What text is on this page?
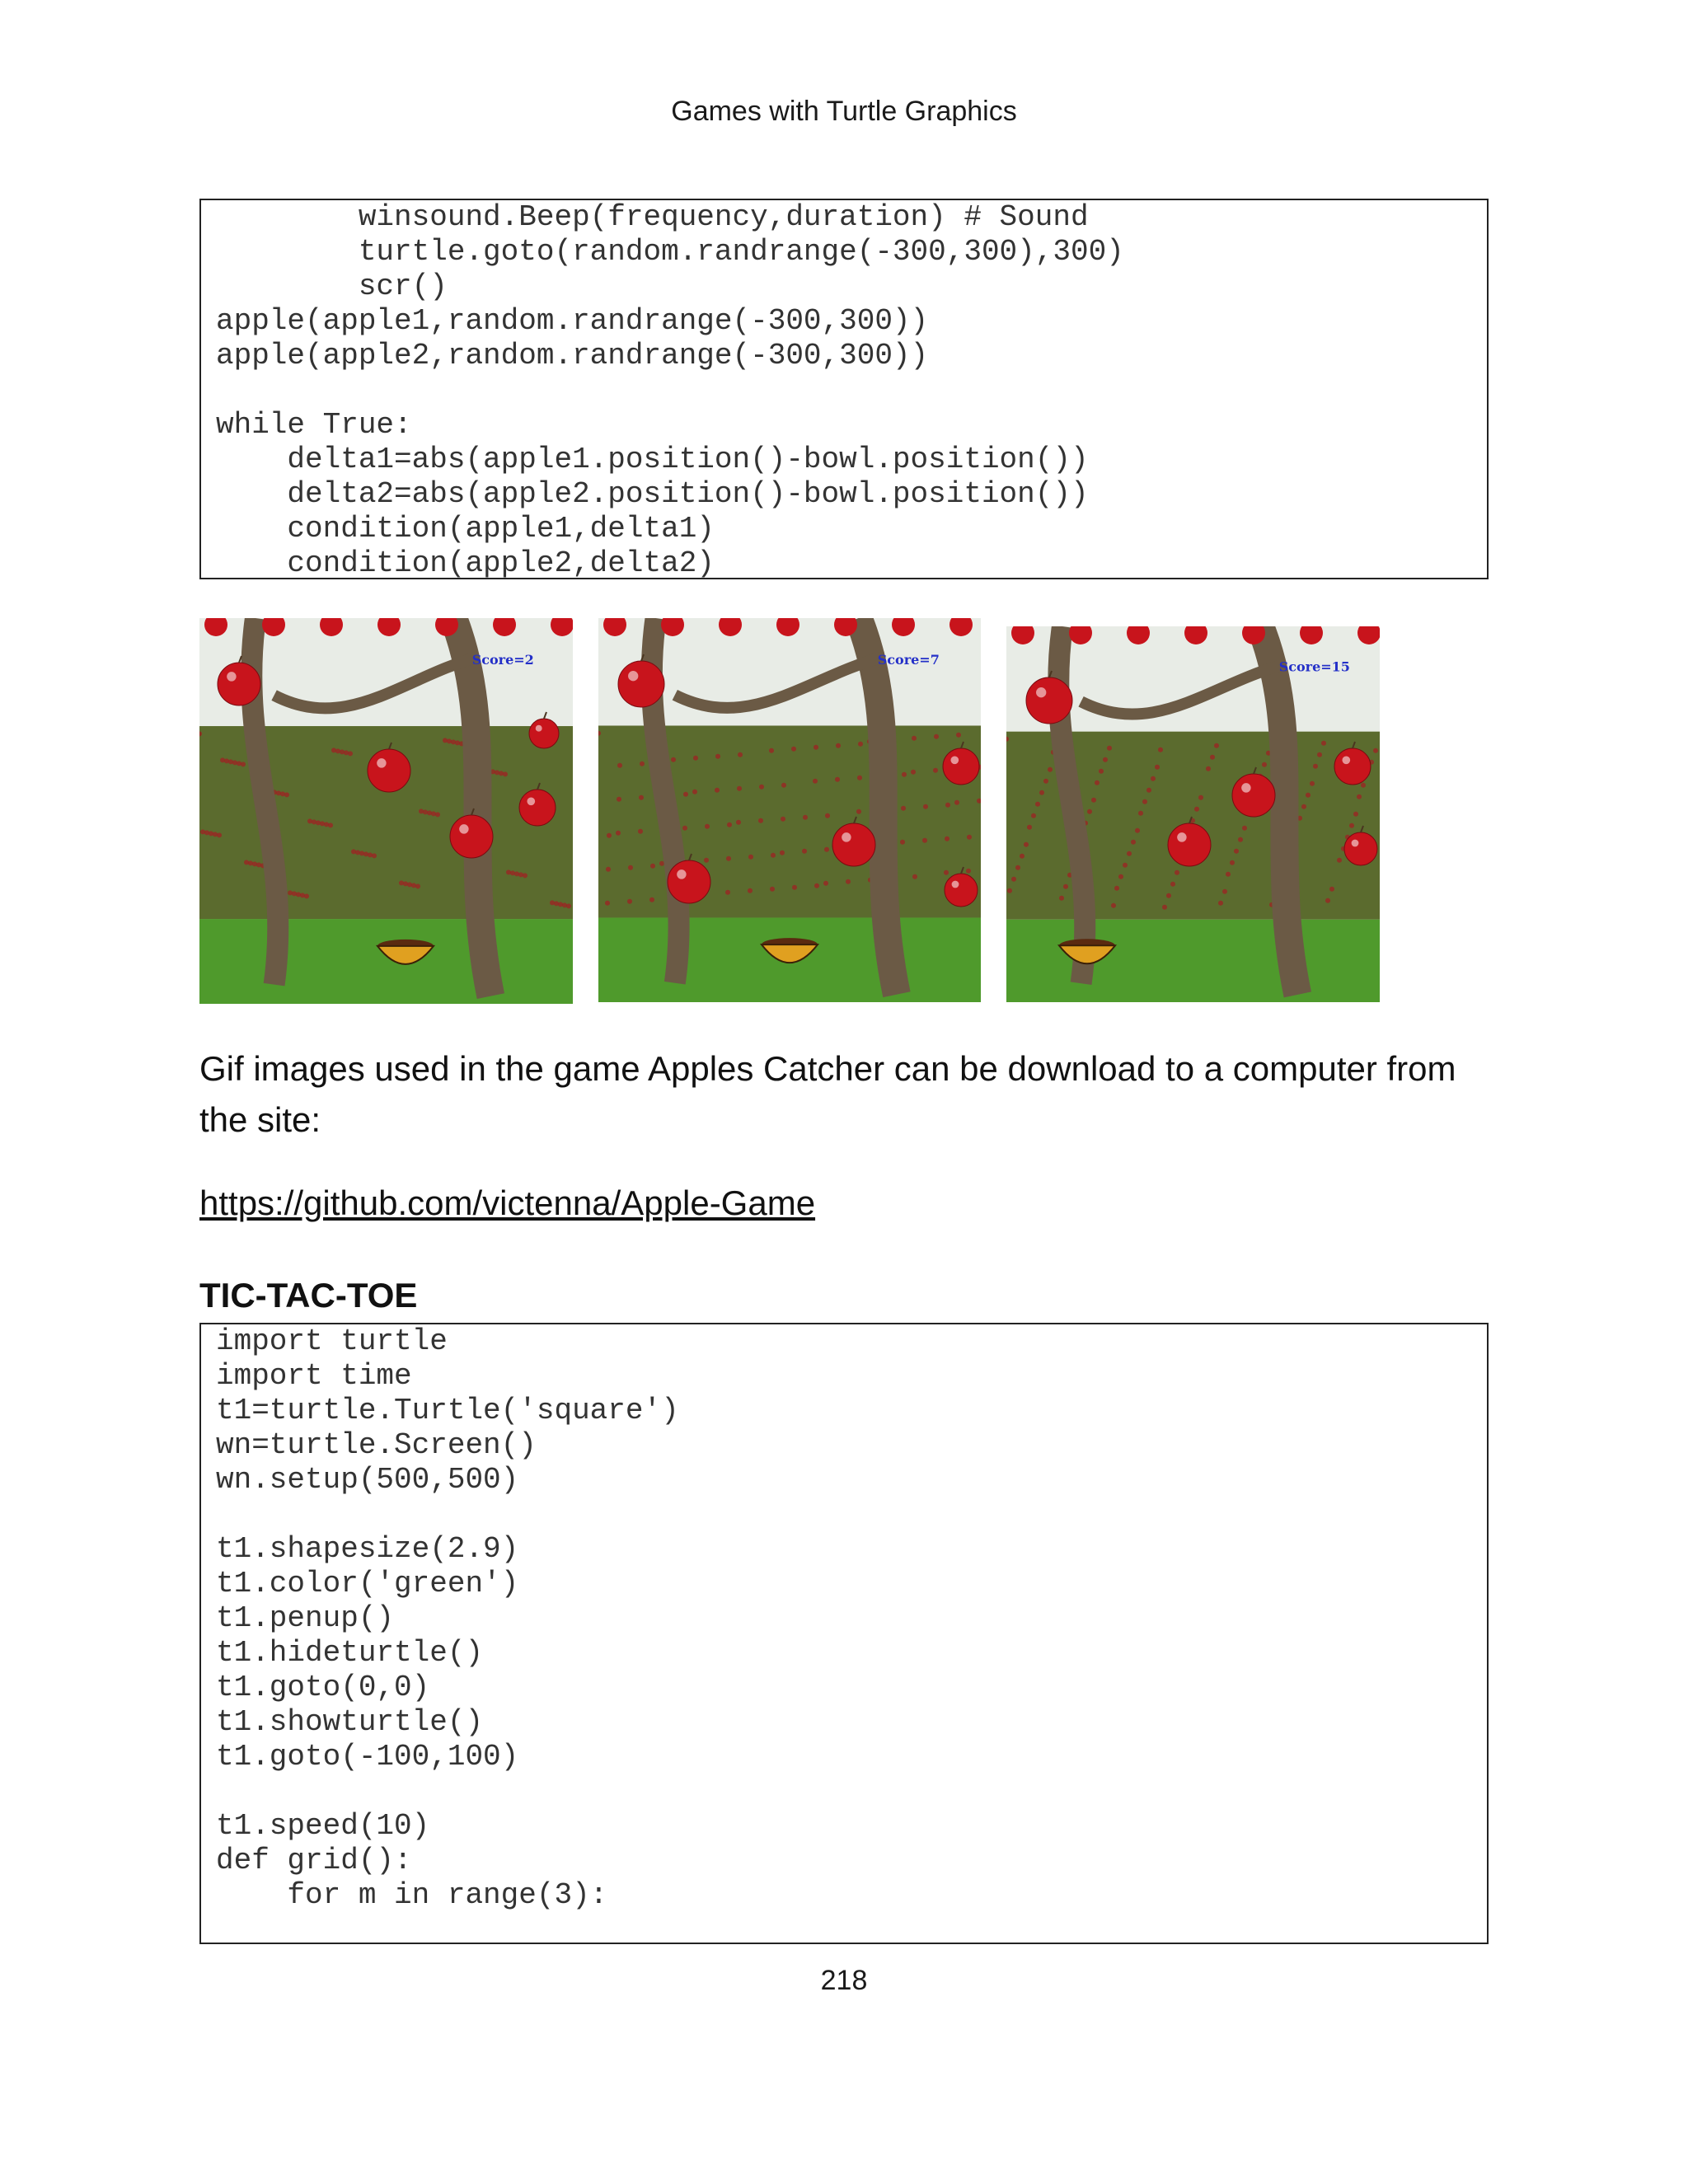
Games with Turtle Graphics
winsound.Beep(frequency,duration) # Sound
turtle.goto(random.randrange(-300,300),300)
scr()
apple(apple1,random.randrange(-300,300))
apple(apple2,random.randrange(-300,300))
while True:
delta1=abs(apple1.position()-bowl.position())
delta2=abs(apple2.position()-bowl.position())
condition(apple1,delta1)
condition(apple2,delta2)
Score=2	Score=7	Score=15
Gif images used in the game Apples Catcher can be download to a computer from the site:
https://github.com/victenna/Apple-Game
TIC-TAC-TOE
import turtle
import time
t1=turtle.Turtle('square')
wn=turtle.Screen()
wn.setup(500,500)
t1.shapesize(2.9)
t1.color('green')
t1.penup()
t1.hideturtle()
t1.goto(0,0)
t1.showturtle()
t1.goto(-100,100)
t1.speed(10)
def grid():
for m in range(3):
218
